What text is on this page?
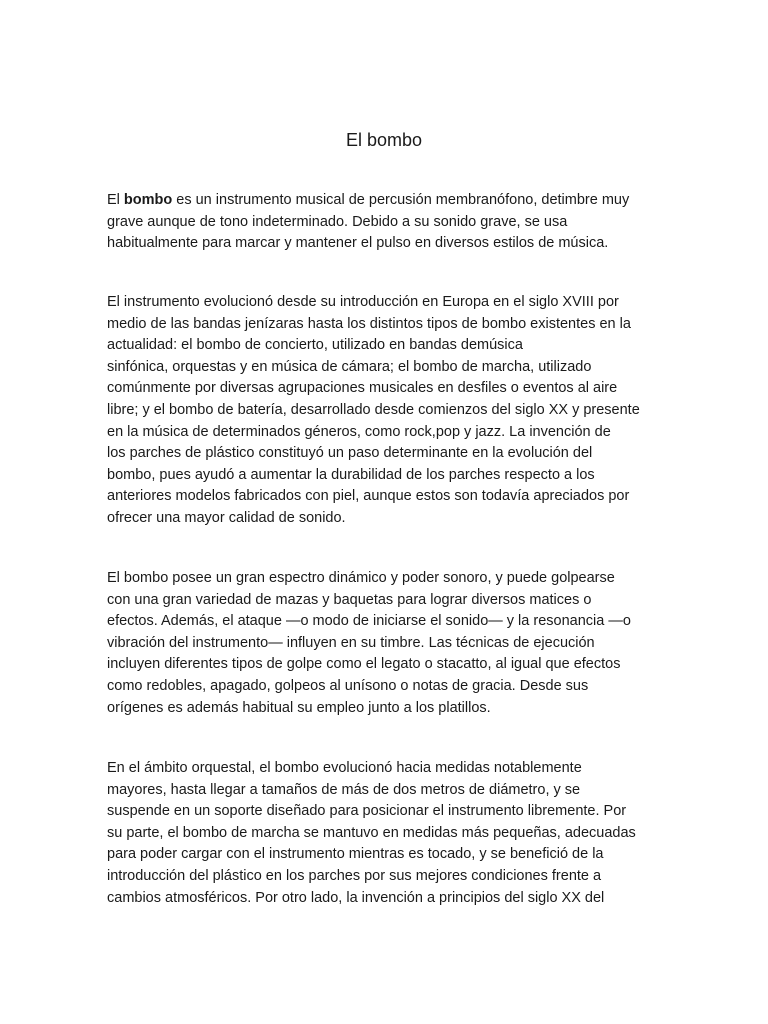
El bombo

El bombo es un instrumento musical de percusión membranófono, detimbre muy
grave aunque de tono indeterminado. Debido a su sonido grave, se usa
habitualmente para marcar y mantener el pulso en diversos estilos de música.

El instrumento evolucionó desde su introducción en Europa en el siglo XVIII por
medio de las bandas jenízaras hasta los distintos tipos de bombo existentes en la
actualidad: el bombo de concierto, utilizado en bandas demúsica
sinfónica, orquestas y en música de cámara; el bombo de marcha, utilizado
comúnmente por diversas agrupaciones musicales en desfiles o eventos al aire
libre; y el bombo de batería, desarrollado desde comienzos del siglo XX y presente
en la música de determinados géneros, como rock,pop y jazz. La invención de
los parches de plástico constituyó un paso determinante en la evolución del
bombo, pues ayudó a aumentar la durabilidad de los parches respecto a los
anteriores modelos fabricados con piel, aunque estos son todavía apreciados por
ofrecer una mayor calidad de sonido.

El bombo posee un gran espectro dinámico y poder sonoro, y puede golpearse
con una gran variedad de mazas y baquetas para lograr diversos matices o
efectos. Además, el ataque —o modo de iniciarse el sonido— y la resonancia —o
vibración del instrumento— influyen en su timbre. Las técnicas de ejecución
incluyen diferentes tipos de golpe como el legato o stacatto, al igual que efectos
como redobles, apagado, golpeos al unísono o notas de gracia. Desde sus
orígenes es además habitual su empleo junto a los platillos.

En el ámbito orquestal, el bombo evolucionó hacia medidas notablemente
mayores, hasta llegar a tamaños de más de dos metros de diámetro, y se
suspende en un soporte diseñado para posicionar el instrumento libremente. Por
su parte, el bombo de marcha se mantuvo en medidas más pequeñas, adecuadas
para poder cargar con el instrumento mientras es tocado, y se benefició de la
introducción del plástico en los parches por sus mejores condiciones frente a
cambios atmosféricos. Por otro lado, la invención a principios del siglo XX del
